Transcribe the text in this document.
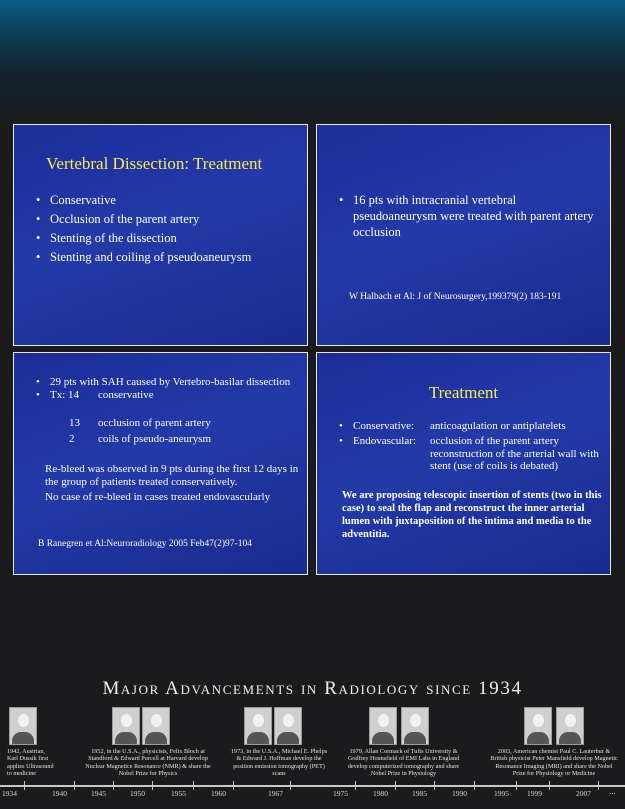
Vertebral Dissection: Treatment
• Conservative
• Occlusion of the parent artery
• Stenting of the dissection
• Stenting and coiling of pseudoaneurysm
• 16 pts with intracranial vertebral pseudoaneurysm were treated with parent artery occlusion
W Halbach et Al: J of Neurosurgery,199379(2) 183-191
• 29 pts with SAH caused by Vertebro-basilar dissection
• Tx: 14 conservative
13 occlusion of parent artery
2 coils of pseudo-aneurysm
Re-bleed was observed in 9 pts during the first 12 days in the group of patients treated conservatively.
No case of re-bleed in cases treated endovascularly
B Ranegren et Al:Neuroradiology 2005 Feb47(2)97-104
Treatment
• Conservative: anticoagulation or antiplatelets
• Endovascular: occlusion of the parent artery reconstruction of the arterial wall with stent (use of coils is debated)
We are proposing telescopic insertion of stents (two in this case) to seal the flap and reconstruct the inner arterial lumen with juxtaposition of the intima and media to the adventitia.
Major Advancements in Radiology since 1934
1942, Austrian, Karl Dussik first applies Ultrasound to medicine
1952, in the U.S.A., physicists, Felix Bloch at Standford & Edward Purcell at Harvard develop Nuclear Magnetice Resonance (NMR) & share the Nobel Prize for Physics
1973, in the U.S.A., Michael E. Phelps & Edward J. Hoffman develop the position emission tomography (PET) scans
1979, Allan Cormack of Tufts University & Godfrey Hounsfield of EMI Labs in England develop computerized tomography and share Nobel Prize in Physiology
2003, American chemist Paul C. Lauterbur & British physicist Peter Mansfield develop Magnetic Resonance Imaging (MRI) and share the Nobel Prize for Physiology or Medicine
1934	1940	1945	1950	1955	1960	1967	1975	1980	1985	1990	1995 1999	2007 ...
